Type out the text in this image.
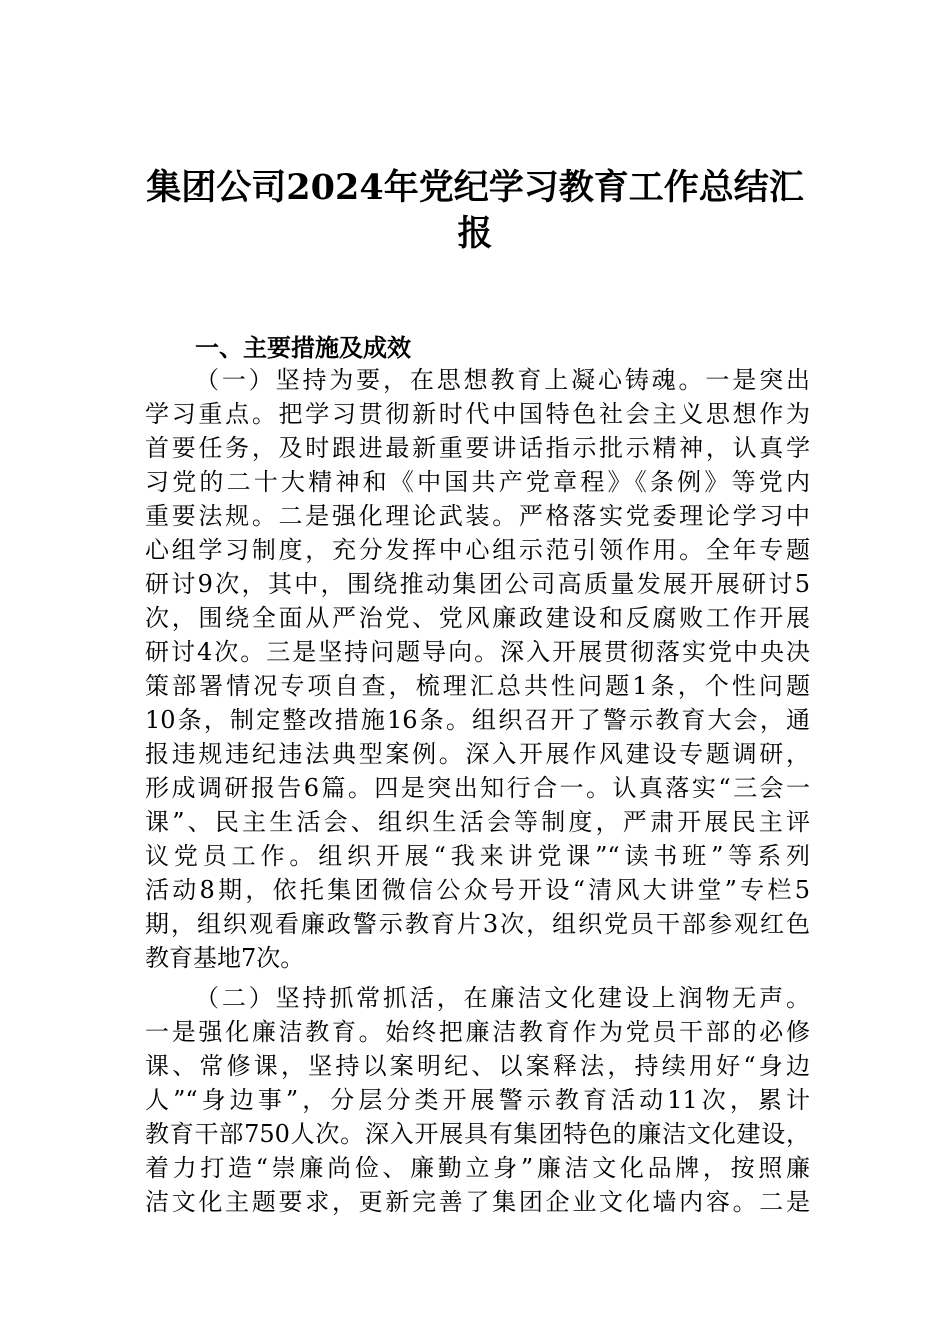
集团公司2024年党纪学习教育工作总结汇
报
一、主要措施及成效
（一）坚持为要，在思想教育上凝心铸魂。一是突出
学习重点。把学习贯彻新时代中国特色社会主义思想作为
首要任务，及时跟进最新重要讲话指示批示精神，认真学
习党的二十大精神和《中国共产党章程》《条例》等党内
重要法规。二是强化理论武装。严格落实党委理论学习中
心组学习制度，充分发挥中心组示范引领作用。全年专题
研讨9次，其中，围绕推动集团公司高质量发展开展研讨5
次，围绕全面从严治党、党风廉政建设和反腐败工作开展
研讨4次。三是坚持问题导向。深入开展贯彻落实党中央决
策部署情况专项自查，梳理汇总共性问题1条，个性问题
10条，制定整改措施16条。组织召开了警示教育大会，通
报违规违纪违法典型案例。深入开展作风建设专题调研，
形成调研报告6篇。四是突出知行合一。认真落实“三会一
课”、民主生活会、组织生活会等制度，严肃开展民主评
议党员工作。组织开展“我来讲党课”“读书班”等系列
活动8期，依托集团微信公众号开设“清风大讲堂”专栏5
期，组织观看廉政警示教育片3次，组织党员干部参观红色
教育基地7次。
（二）坚持抓常抓活，在廉洁文化建设上润物无声。
一是强化廉洁教育。始终把廉洁教育作为党员干部的必修
课、常修课，坚持以案明纪、以案释法，持续用好“身边
人”“身边事”，分层分类开展警示教育活动11次，累计
教育干部750人次。深入开展具有集团特色的廉洁文化建设，
着力打造“崇廉尚俭、廉勤立身”廉洁文化品牌，按照廉
洁文化主题要求，更新完善了集团企业文化墙内容。二是
